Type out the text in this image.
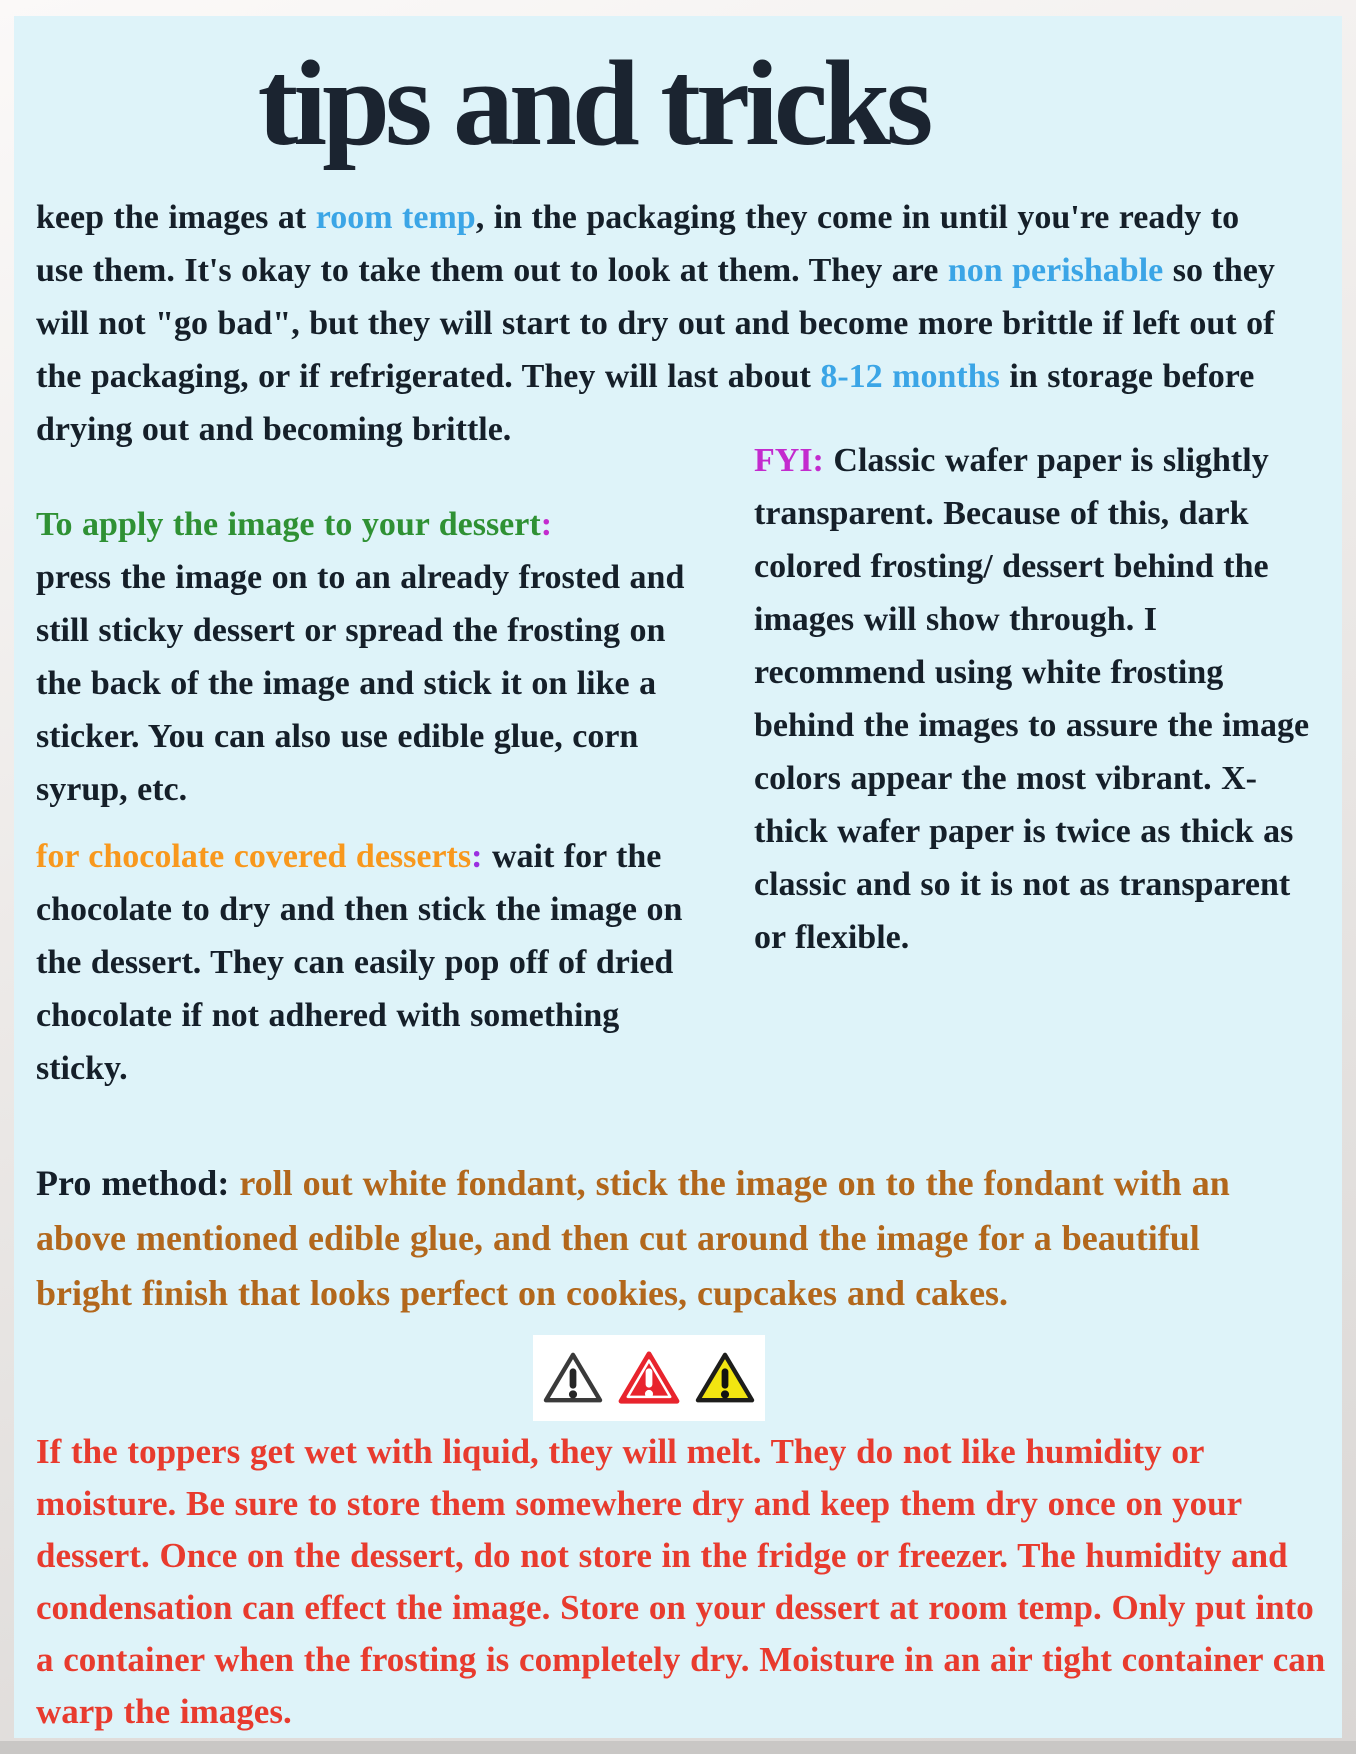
tips and tricks

keep the images at room temp, in the packaging they come in until you're ready to use them. It's okay to take them out to look at them. They are non perishable so they will not "go bad", but they will start to dry out and become more brittle if left out of the packaging, or if refrigerated. They will last about 8-12 months in storage before drying out and becoming brittle.

To apply the image to your dessert:
press the image on to an already frosted and still sticky dessert or spread the frosting on the back of the image and stick it on like a sticker. You can also use edible glue, corn syrup, etc.

for chocolate covered desserts: wait for the chocolate to dry and then stick the image on the dessert. They can easily pop off of dried chocolate if not adhered with something sticky.

FYI: Classic wafer paper is slightly transparent. Because of this, dark colored frosting/ dessert behind the images will show through. I recommend using white frosting behind the images to assure the image colors appear the most vibrant. X-thick wafer paper is twice as thick as classic and so it is not as transparent or flexible.

Pro method: roll out white fondant, stick the image on to the fondant with an above mentioned edible glue, and then cut around the image for a beautiful bright finish that looks perfect on cookies, cupcakes and cakes.

If the toppers get wet with liquid, they will melt. They do not like humidity or moisture. Be sure to store them somewhere dry and keep them dry once on your dessert. Once on the dessert, do not store in the fridge or freezer. The humidity and condensation can effect the image. Store on your dessert at room temp. Only put into a container when the frosting is completely dry. Moisture in an air tight container can warp the images.
